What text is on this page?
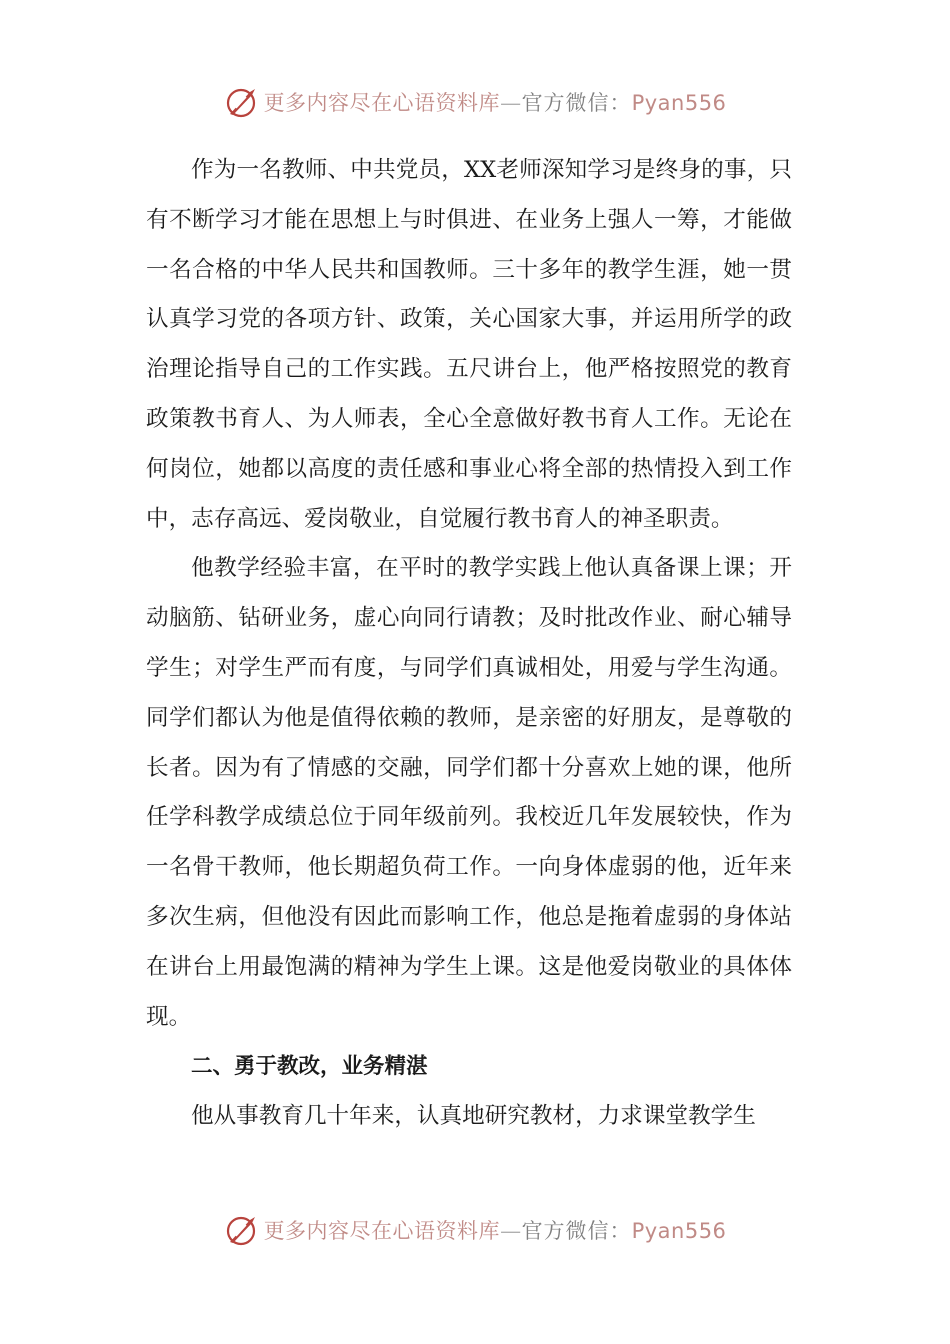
更多内容尽在心语资料库—官方微信：Pyan556

作为一名教师、中共党员，XX老师深知学习是终身的事，只有不断学习才能在思想上与时俱进、在业务上强人一筹，才能做一名合格的中华人民共和国教师。三十多年的教学生涯，她一贯认真学习党的各项方针、政策，关心国家大事，并运用所学的政治理论指导自己的工作实践。五尺讲台上，他严格按照党的教育政策教书育人、为人师表，全心全意做好教书育人工作。无论在何岗位，她都以高度的责任感和事业心将全部的热情投入到工作中，志存高远、爱岗敬业，自觉履行教书育人的神圣职责。

他教学经验丰富，在平时的教学实践上他认真备课上课；开动脑筋、钻研业务，虚心向同行请教；及时批改作业、耐心辅导学生；对学生严而有度，与同学们真诚相处，用爱与学生沟通。同学们都认为他是值得依赖的教师，是亲密的好朋友，是尊敬的长者。因为有了情感的交融，同学们都十分喜欢上她的课，他所任学科教学成绩总位于同年级前列。我校近几年发展较快，作为一名骨干教师，他长期超负荷工作。一向身体虚弱的他，近年来多次生病，但他没有因此而影响工作，他总是拖着虚弱的身体站在讲台上用最饱满的精神为学生上课。这是他爱岗敬业的具体体现。

二、勇于教改，业务精湛

他从事教育几十年来，认真地研究教材，力求课堂教学生

更多内容尽在心语资料库—官方微信：Pyan556
